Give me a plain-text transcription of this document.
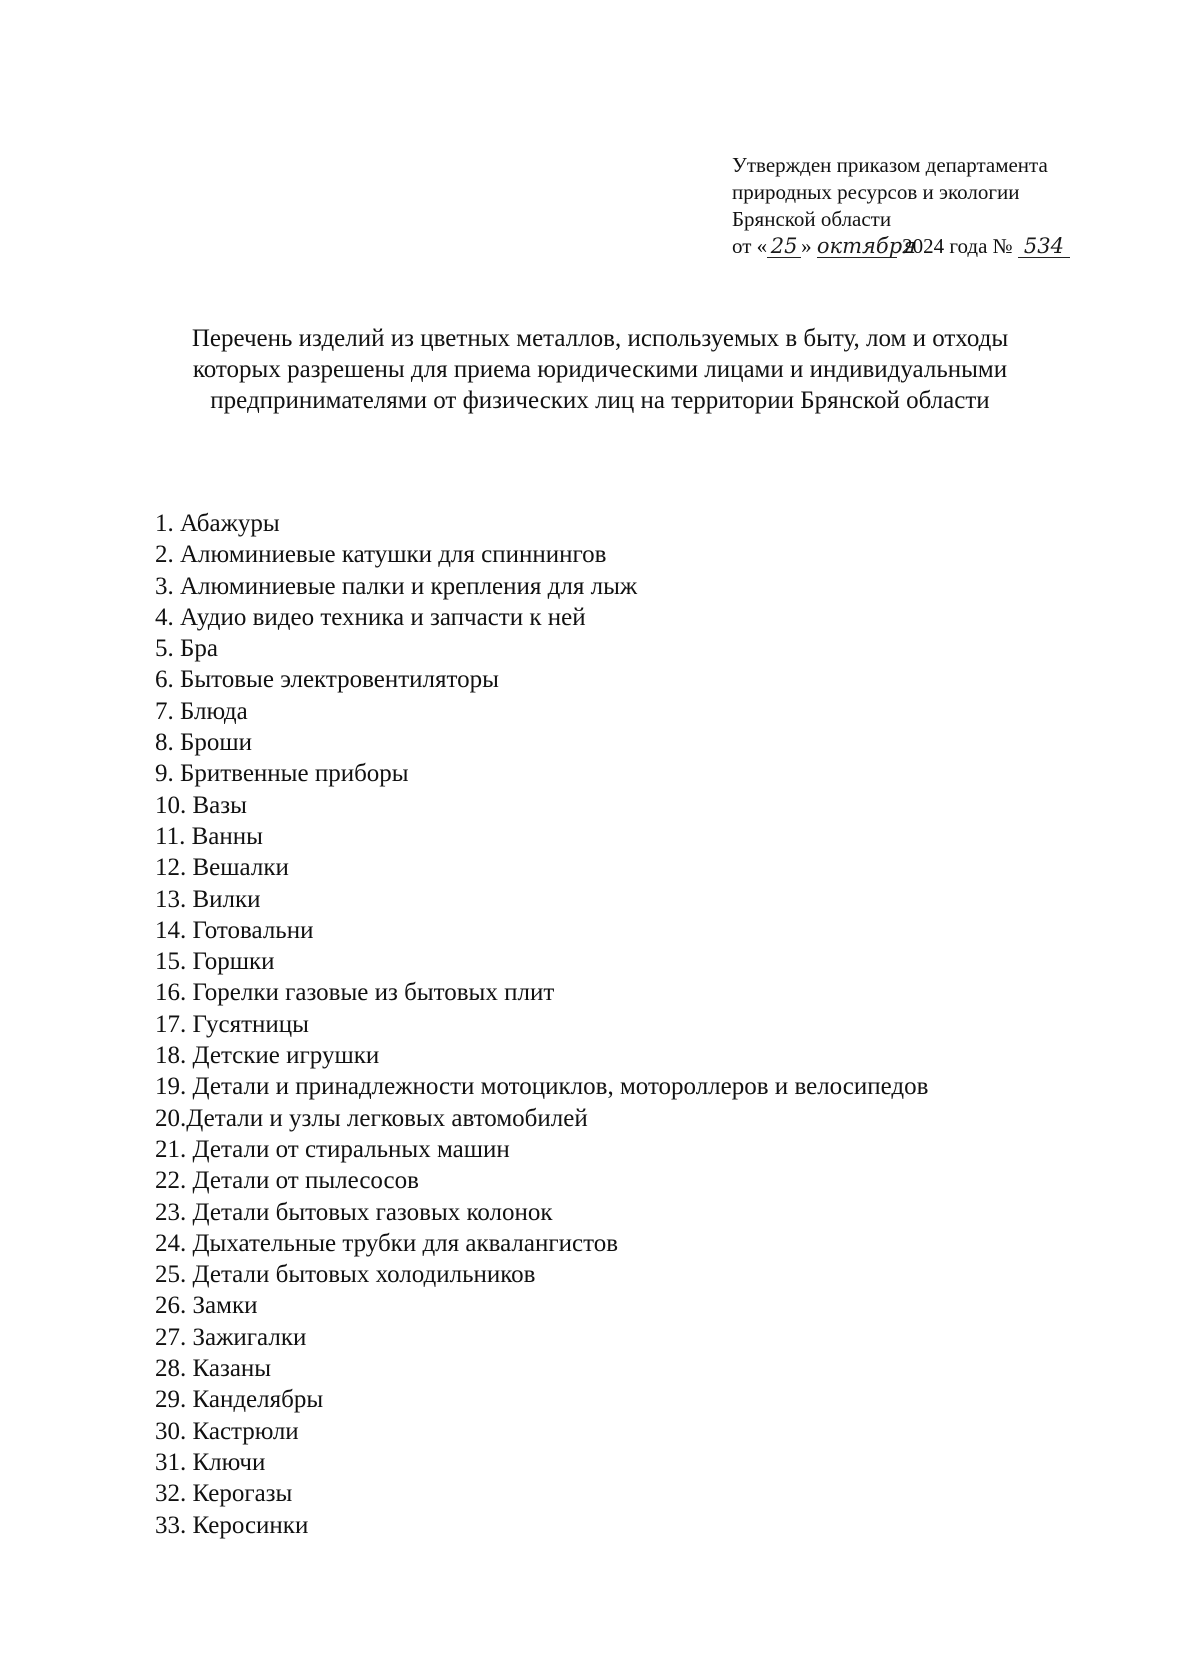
Утвержден приказом департамента
природных ресурсов и экологии
Брянской области
от « 25 » октября 2024 года № 534
Перечень изделий из цветных металлов, используемых в быту, лом и отходы
которых разрешены для приема юридическими лицами и индивидуальными
предпринимателями от физических лиц на территории Брянской области
1. Абажуры
2. Алюминиевые катушки для спиннингов
3. Алюминиевые палки и крепления для лыж
4. Аудио видео техника и запчасти к ней
5. Бра
6. Бытовые электровентиляторы
7. Блюда
8. Броши
9. Бритвенные приборы
10. Вазы
11. Ванны
12. Вешалки
13. Вилки
14. Готовальни
15. Горшки
16. Горелки газовые из бытовых плит
17. Гусятницы
18. Детские игрушки
19. Детали и принадлежности мотоциклов, мотороллеров и велосипедов
20.Детали и узлы легковых автомобилей
21. Детали от стиральных машин
22. Детали от пылесосов
23. Детали бытовых газовых колонок
24. Дыхательные трубки для аквалангистов
25. Детали бытовых холодильников
26. Замки
27. Зажигалки
28. Казаны
29. Канделябры
30. Кастрюли
31. Ключи
32. Керогазы
33. Керосинки
